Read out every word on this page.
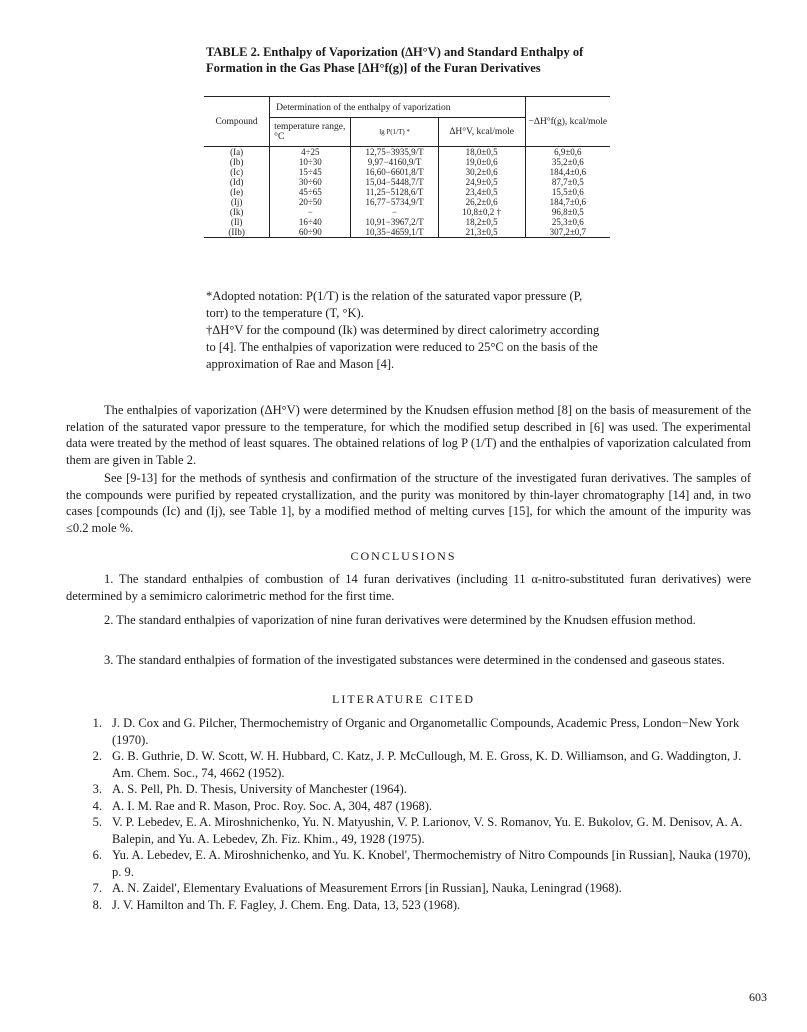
TABLE 2. Enthalpy of Vaporization (ΔH°V) and Standard Enthalpy of Formation in the Gas Phase [ΔH°f(g)] of the Furan Derivatives
Compound	Determination of the enthalpy of vaporization			−ΔH°f(g), kcal/mole
	temperature range, °C	lg P(1/T) *	ΔH°V, kcal/mole	
(Ia)	4÷25	12,75−3935,9/T	18,0±0,5	6,9±0,6
(Ib)	10÷30	9,97−4160,9/T	19,0±0,6	35,2±0,6
(Ic)	15÷45	16,60−6601,8/T	30,2±0,6	184,4±0,6
(Id)	30÷60	15,04−5448,7/T	24,9±0,5	87,7±0,5
(Ie)	45÷65	11,25−5128,6/T	23,4±0,5	15,5±0,6
(Ij)	20÷50	16,77−5734,9/T	26,2±0,6	184,7±0,6
(Ik)	−	−	10,8±0,2 †	96,8±0,5
(Il)	16÷40	10,91−3967,2/T	18,2±0,5	25,3±0,6
(IIb)	60÷90	10,35−4659,1/T	21,3±0,5	307,2±0,7
*Adopted notation: P(1/T) is the relation of the saturated vapor pressure (P, torr) to the temperature (T, °K).
†ΔH°V for the compound (Ik) was determined by direct calorimetry according to [4]. The enthalpies of vaporization were reduced to 25°C on the basis of the approximation of Rae and Mason [4].
The enthalpies of vaporization (ΔH°V) were determined by the Knudsen effusion method [8] on the basis of measurement of the relation of the saturated vapor pressure to the temperature, for which the modified setup described in [6] was used. The experimental data were treated by the method of least squares. The obtained relations of log P (1/T) and the enthalpies of vaporization calculated from them are given in Table 2.
See [9-13] for the methods of synthesis and confirmation of the structure of the investigated furan derivatives. The samples of the compounds were purified by repeated crystallization, and the purity was monitored by thin-layer chromatography [14] and, in two cases [compounds (Ic) and (Ij), see Table 1], by a modified method of melting curves [15], for which the amount of the impurity was ≤0.2 mole %.
CONCLUSIONS
1. The standard enthalpies of combustion of 14 furan derivatives (including 11 α-nitro-substituted furan derivatives) were determined by a semimicro calorimetric method for the first time.
2. The standard enthalpies of vaporization of nine furan derivatives were determined by the Knudsen effusion method.
3. The standard enthalpies of formation of the investigated substances were determined in the condensed and gaseous states.
LITERATURE CITED
1. J. D. Cox and G. Pilcher, Thermochemistry of Organic and Organometallic Compounds, Academic Press, London−New York (1970).
2. G. B. Guthrie, D. W. Scott, W. H. Hubbard, C. Katz, J. P. McCullough, M. E. Gross, K. D. Williamson, and G. Waddington, J. Am. Chem. Soc., 74, 4662 (1952).
3. A. S. Pell, Ph. D. Thesis, University of Manchester (1964).
4. A. I. M. Rae and R. Mason, Proc. Roy. Soc. A, 304, 487 (1968).
5. V. P. Lebedev, E. A. Miroshnichenko, Yu. N. Matyushin, V. P. Larionov, V. S. Romanov, Yu. E. Bukolov, G. M. Denisov, A. A. Balepin, and Yu. A. Lebedev, Zh. Fiz. Khim., 49, 1928 (1975).
6. Yu. A. Lebedev, E. A. Miroshnichenko, and Yu. K. Knobel', Thermochemistry of Nitro Compounds [in Russian], Nauka (1970), p. 9.
7. A. N. Zaidel', Elementary Evaluations of Measurement Errors [in Russian], Nauka, Leningrad (1968).
8. J. V. Hamilton and Th. F. Fagley, J. Chem. Eng. Data, 13, 523 (1968).
603
